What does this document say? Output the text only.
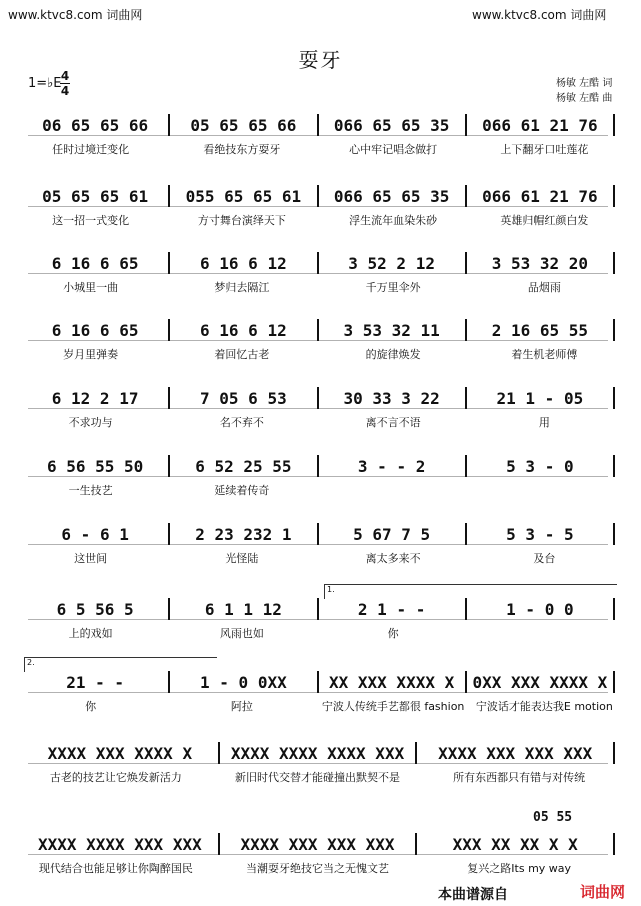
www.ktvc8.com 词曲网	www.ktvc8.com 词曲网
耍牙
1=♭E 4
4
杨敏 左酷 词
杨敏 左酷 曲
06 65 65 66	05 65 65 66	066 65 65 35	066 61 21 76
任时过境迁变化	看绝技东方耍牙	心中牢记唱念做打	上下翻牙口吐莲花
05 65 65 61	055 65 65 61	066 65 65 35	066 61 21 76
这一招一式变化	方寸舞台演绎天下	浮生流年血染朱砂	英雄归帽红颜白发
6 16 6 65	6 16 6 12	3 52 2 12	3 53 32 20
小城里一曲	梦归去隔江	千万里伞外	品烟雨
6 16 6 65	6 16 6 12	3 53 32 11	2 16 65 55
岁月里弹奏	着回忆古老	的旋律焕发	着生机老师傅
6 12 2 17	7 05 6 53	30 33 3 22	21 1 - 05
不求功与	名不弃不	离不言不语	用
6 56 55 50	6 52 25 55	3 - - 2	5 3 - 0
一生技艺	延续着传奇
6 - 6 1	2 23 232 1	5 67 7 5	5 3 - 5
这世间	光怪陆	离太多来不	及台
6 5 56 5	6 1 1 12	2 1 - -	1 - 0 0
上的戏如	风雨也如	你
21 - -	1 - 0 0XX	XX XXX XXXX X	0XX XXX XXXX X
你	阿拉	宁波人传统手艺都很 fashion	宁波话才能表达我E motion
XXXX XXX XXXX X	XXXX XXXX XXXX XXX	XXXX XXX XXX XXX
古老的技艺让它焕发新活力	新旧时代交替才能碰撞出默契不是	所有东西都只有错与对传统
XXXX XXXX XXX XXX	XXXX XXX XXX XXX	XXX XX XX X X
现代结合也能足够让你陶醉国民	当潮耍牙绝技它当之无愧文艺	复兴之路Its my way
05 55
本曲谱源自	词曲网
1.
2.
